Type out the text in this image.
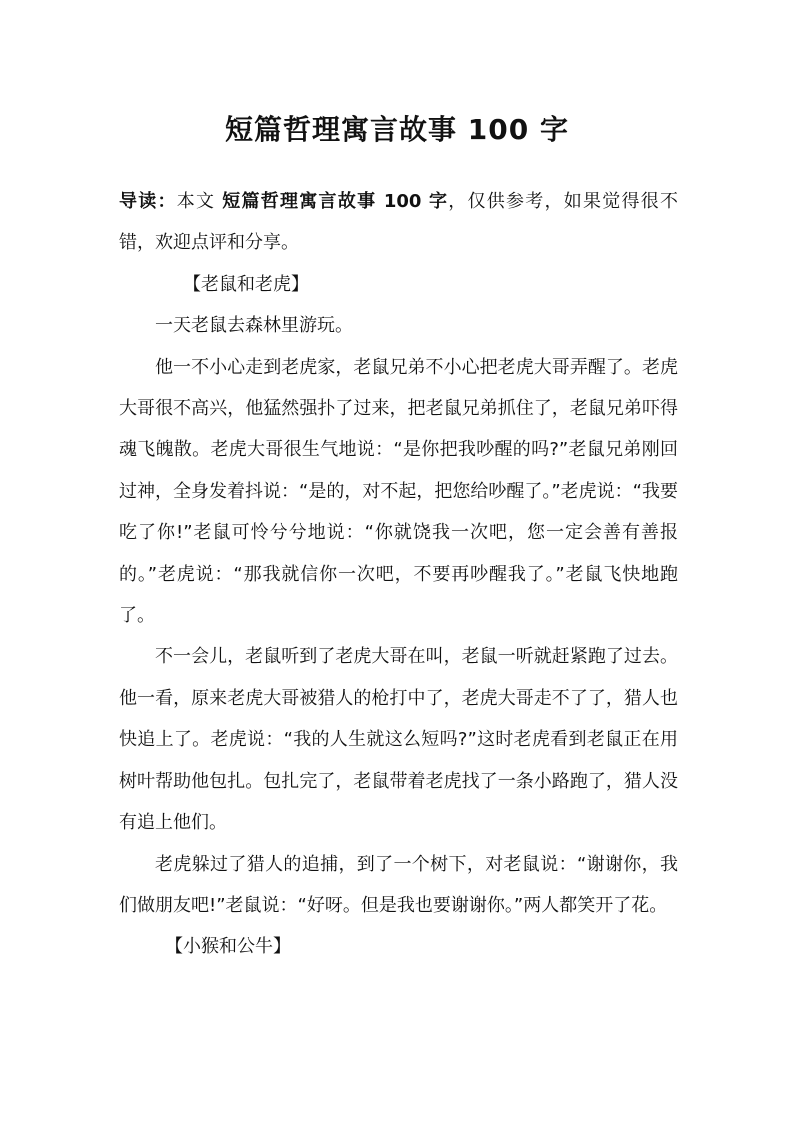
短篇哲理寓言故事 100 字

导读：本文 短篇哲理寓言故事 100 字，仅供参考，如果觉得很不错，欢迎点评和分享。

【老鼠和老虎】

一天老鼠去森林里游玩。

他一不小心走到老虎家，老鼠兄弟不小心把老虎大哥弄醒了。老虎大哥很不高兴，他猛然强扑了过来，把老鼠兄弟抓住了，老鼠兄弟吓得魂飞魄散。老虎大哥很生气地说：“是你把我吵醒的吗?”老鼠兄弟刚回过神，全身发着抖说：“是的，对不起，把您给吵醒了。”老虎说：“我要吃了你!”老鼠可怜兮兮地说：“你就饶我一次吧，您一定会善有善报的。”老虎说：“那我就信你一次吧，不要再吵醒我了。”老鼠飞快地跑了。

不一会儿，老鼠听到了老虎大哥在叫，老鼠一听就赶紧跑了过去。他一看，原来老虎大哥被猎人的枪打中了，老虎大哥走不了了，猎人也快追上了。老虎说：“我的人生就这么短吗?”这时老虎看到老鼠正在用树叶帮助他包扎。包扎完了，老鼠带着老虎找了一条小路跑了，猎人没有追上他们。

老虎躲过了猎人的追捕，到了一个树下，对老鼠说：“谢谢你，我们做朋友吧!”老鼠说：“好呀。但是我也要谢谢你。”两人都笑开了花。

【小猴和公牛】
